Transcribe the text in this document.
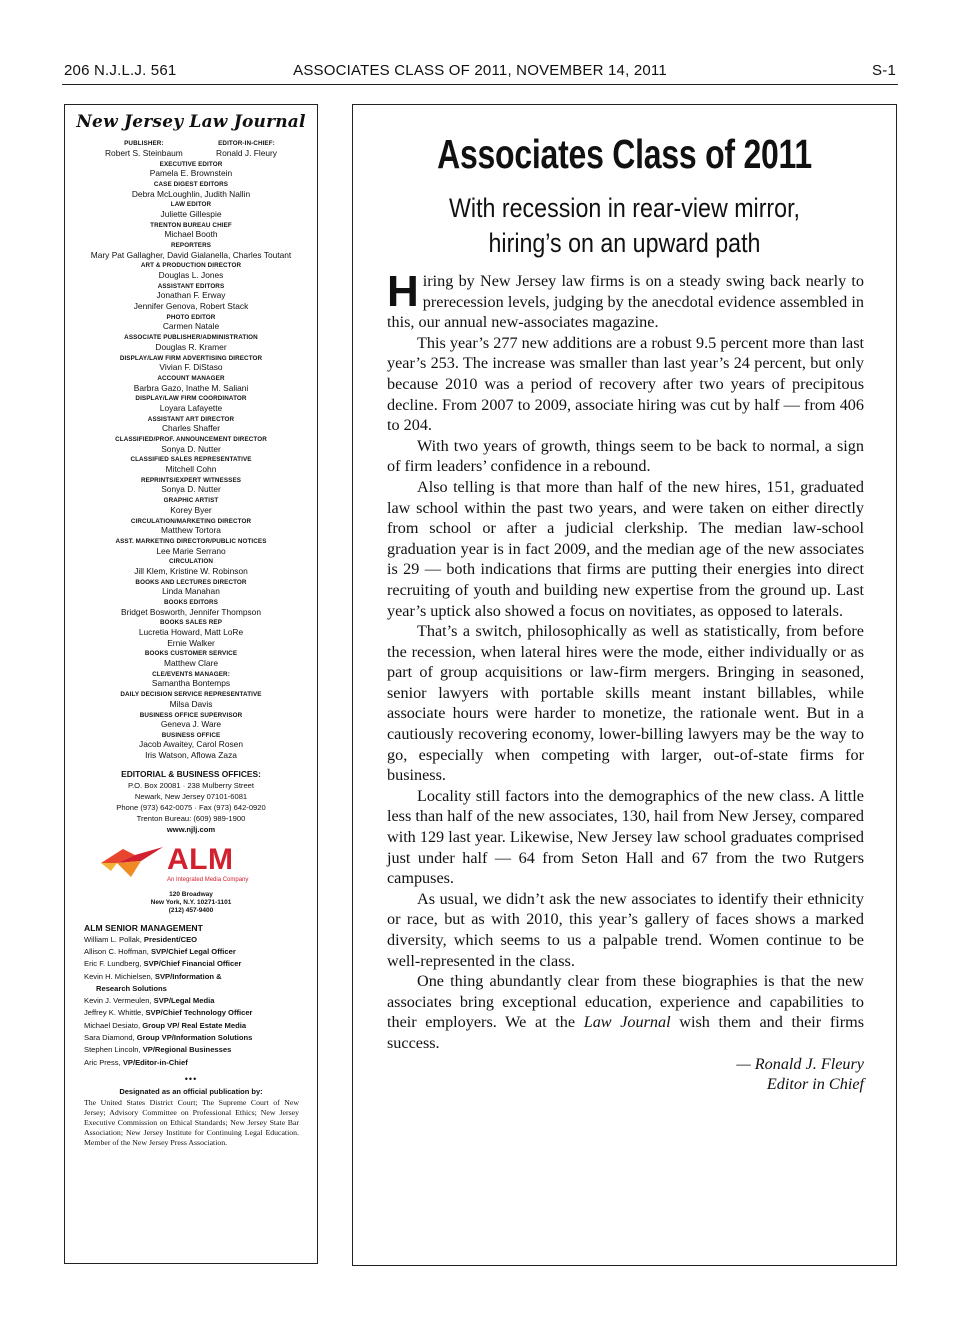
ASSOCIATES CLASS OF 2011, NOVEMBER 14, 2011
206 N.J.L.J. 561	S-1
New Jersey Law Journal
PUBLISHER:
Robert S. Steinbaum
EDITOR-IN-CHIEF:
Ronald J. Fleury
EXECUTIVE EDITOR
Pamela E. Brownstein
CASE DIGEST EDITORS
Debra McLoughlin, Judith Nallin
LAW EDITOR
Juliette Gillespie
TRENTON BUREAU CHIEF
Michael Booth
REPORTERS
Mary Pat Gallagher, David Gialanella, Charles Toutant
ART & PRODUCTION DIRECTOR
Douglas L. Jones
ASSISTANT EDITORS
Jonathan F. Erway
Jennifer Genova, Robert Stack
PHOTO EDITOR
Carmen Natale
ASSOCIATE PUBLISHER/ADMINISTRATION
Douglas R. Kramer
DISPLAY/LAW FIRM ADVERTISING DIRECTOR
Vivian F. DiStaso
ACCOUNT MANAGER
Barbra Gazo, Inathe M. Saliani
DISPLAY/LAW FIRM COORDINATOR
Loyara Lafayette
ASSISTANT ART DIRECTOR
Charles Shaffer
CLASSIFIED/PROF. ANNOUNCEMENT DIRECTOR
Sonya D. Nutter
CLASSIFIED SALES REPRESENTATIVE
Mitchell Cohn
REPRINTS/EXPERT WITNESSES
Sonya D. Nutter
GRAPHIC ARTIST
Korey Byer
CIRCULATION/MARKETING DIRECTOR
Matthew Tortora
ASST. MARKETING DIRECTOR/PUBLIC NOTICES
Lee Marie Serrano
CIRCULATION
Jill Klem, Kristine W. Robinson
BOOKS AND LECTURES DIRECTOR
Linda Manahan
BOOKS EDITORS
Bridget Bosworth, Jennifer Thompson
BOOKS SALES REP
Lucretia Howard, Matt LoRe
Ernie Walker
BOOKS CUSTOMER SERVICE
Matthew Clare
CLE/EVENTS MANAGER:
Samantha Bontemps
DAILY DECISION SERVICE REPRESENTATIVE
Milsa Davis
BUSINESS OFFICE SUPERVISOR
Geneva J. Ware
BUSINESS OFFICE
Jacob Awaitey, Carol Rosen
Iris Watson, Aflowa Zaza
EDITORIAL & BUSINESS OFFICES:
P.O. Box 20081 · 238 Mulberry Street
Newark, New Jersey 07101-6081
Phone (973) 642-0075 · Fax (973) 642-0920
Trenton Bureau: (609) 989-1900
www.njlj.com
ALM
An Integrated Media Company
120 Broadway
New York, N.Y. 10271-1101
(212) 457-9400
ALM SENIOR MANAGEMENT
William L. Pollak, President/CEO
Allison C. Hoffman, SVP/Chief Legal Officer
Eric F. Lundberg, SVP/Chief Financial Officer
Kevin H. Michielsen, SVP/Information &
Research Solutions
Kevin J. Vermeulen, SVP/Legal Media
Jeffrey K. Whittle, SVP/Chief Technology Officer
Michael Desiato, Group VP/ Real Estate Media
Sara Diamond, Group VP/Information Solutions
Stephen Lincoln, VP/Regional Businesses
Aric Press, VP/Editor-in-Chief
•••
Designated as an official publication by:
The United States District Court; The Supreme Court of New Jersey; Advisory Committee on Professional Ethics; New Jersey Executive Commission on Ethical Standards; New Jersey State Bar Association; New Jersey Institute for Continuing Legal Education. Member of the New Jersey Press Association.
Associates Class of 2011
With recession in rear-view mirror,
hiring’s on an upward path

Hiring by New Jersey law firms is on a steady swing back nearly to prerecession levels, judging by the anecdotal evidence assembled in this, our annual new-associates magazine.

This year’s 277 new additions are a robust 9.5 percent more than last year’s 253. The increase was smaller than last year’s 24 percent, but only because 2010 was a period of recovery after two years of precipitous decline. From 2007 to 2009, associate hiring was cut by half — from 406 to 204.

With two years of growth, things seem to be back to normal, a sign of firm leaders’ confidence in a rebound.

Also telling is that more than half of the new hires, 151, graduated law school within the past two years, and were taken on either directly from school or after a judicial clerkship. The median law-school graduation year is in fact 2009, and the median age of the new associates is 29 — both indications that firms are putting their energies into direct recruiting of youth and building new expertise from the ground up. Last year’s uptick also showed a focus on novitiates, as opposed to laterals.

That’s a switch, philosophically as well as statistically, from before the recession, when lateral hires were the mode, either individually or as part of group acquisitions or law-firm mergers. Bringing in seasoned, senior lawyers with portable skills meant instant billables, while associate hours were harder to monetize, the rationale went. But in a cautiously recovering economy, lower-billing lawyers may be the way to go, especially when competing with larger, out-of-state firms for business.

Locality still factors into the demographics of the new class. A little less than half of the new associates, 130, hail from New Jersey, compared with 129 last year. Likewise, New Jersey law school graduates comprised just under half — 64 from Seton Hall and 67 from the two Rutgers campuses.

As usual, we didn’t ask the new associates to identify their ethnicity or race, but as with 2010, this year’s gallery of faces shows a marked diversity, which seems to us a palpable trend. Women continue to be well-represented in the class.

One thing abundantly clear from these biographies is that the new associates bring exceptional education, experience and capabilities to their employers. We at the Law Journal wish them and their firms success.

— Ronald J. Fleury
Editor in Chief
